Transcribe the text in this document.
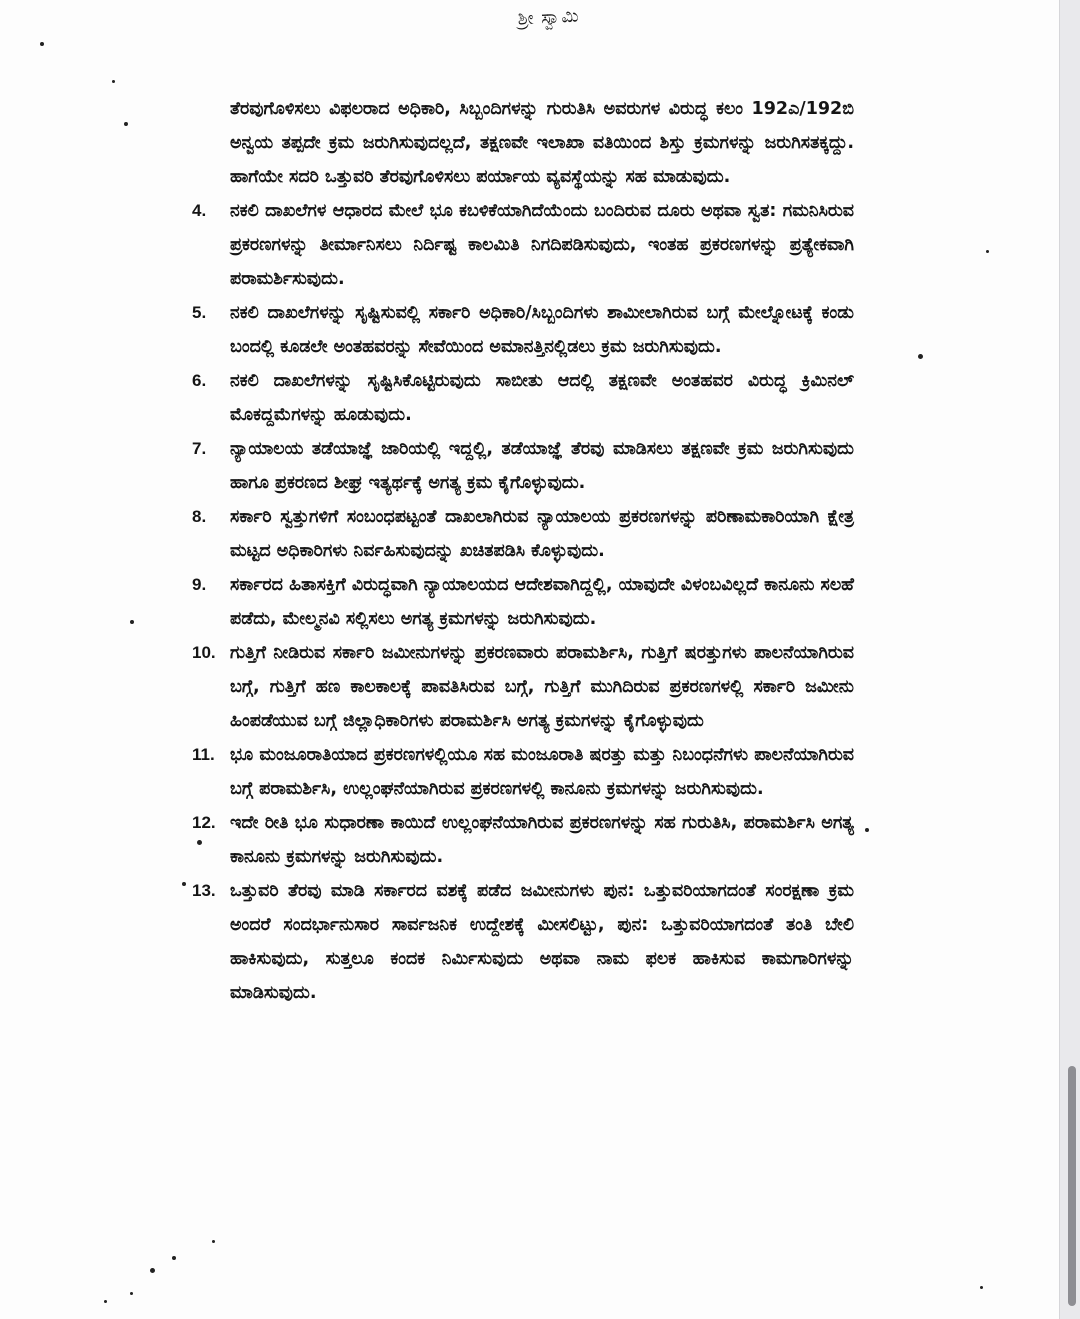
ಶ್ರೀ ಸ್ವಾಮಿ
ತೆರವುಗೊಳಿಸಲು ವಿಫಲರಾದ ಅಧಿಕಾರಿ, ಸಿಬ್ಬಂದಿಗಳನ್ನು ಗುರುತಿಸಿ ಅವರುಗಳ ವಿರುದ್ಧ ಕಲಂ 192ಎ/192ಬಿ ಅನ್ವಯ ತಪ್ಪದೇ ಕ್ರಮ ಜರುಗಿಸುವುದಲ್ಲದೆ, ತಕ್ಷಣವೇ ಇಲಾಖಾ ವತಿಯಿಂದ ಶಿಸ್ತು ಕ್ರಮಗಳನ್ನು ಜರುಗಿಸತಕ್ಕದ್ದು. ಹಾಗೆಯೇ ಸದರಿ ಒತ್ತುವರಿ ತೆರವುಗೊಳಿಸಲು ಪರ್ಯಾಯ ವ್ಯವಸ್ಥೆಯನ್ನು ಸಹ ಮಾಡುವುದು.
4.	ನಕಲಿ ದಾಖಲೆಗಳ ಆಧಾರದ ಮೇಲೆ ಭೂ ಕಬಳಿಕೆಯಾಗಿದೆಯೆಂದು ಬಂದಿರುವ ದೂರು ಅಥವಾ ಸ್ವತ: ಗಮನಿಸಿರುವ ಪ್ರಕರಣಗಳನ್ನು ತೀರ್ಮಾನಿಸಲು ನಿರ್ದಿಷ್ಟ ಕಾಲಮಿತಿ ನಿಗದಿಪಡಿಸುವುದು, ಇಂತಹ ಪ್ರಕರಣಗಳನ್ನು ಪ್ರತ್ಯೇಕವಾಗಿ ಪರಾಮರ್ಶಿಸುವುದು.
5.	ನಕಲಿ ದಾಖಲೆಗಳನ್ನು ಸೃಷ್ಟಿಸುವಲ್ಲಿ ಸರ್ಕಾರಿ ಅಧಿಕಾರಿ/ಸಿಬ್ಬಂದಿಗಳು ಶಾಮೀಲಾಗಿರುವ ಬಗ್ಗೆ ಮೇಲ್ನೋಟಕ್ಕೆ ಕಂಡು ಬಂದಲ್ಲಿ ಕೂಡಲೇ ಅಂತಹವರನ್ನು ಸೇವೆಯಿಂದ ಅಮಾನತ್ತಿನಲ್ಲಿಡಲು ಕ್ರಮ ಜರುಗಿಸುವುದು.
6.	ನಕಲಿ ದಾಖಲೆಗಳನ್ನು ಸೃಷ್ಟಿಸಿಕೊಟ್ಟಿರುವುದು ಸಾಬೀತು ಆದಲ್ಲಿ ತಕ್ಷಣವೇ ಅಂತಹವರ ವಿರುದ್ಧ ಕ್ರಿಮಿನಲ್ ಮೊಕದ್ದಮೆಗಳನ್ನು ಹೂಡುವುದು.
7.	ನ್ಯಾಯಾಲಯ ತಡೆಯಾಜ್ಞೆ ಜಾರಿಯಲ್ಲಿ ಇದ್ದಲ್ಲಿ, ತಡೆಯಾಜ್ಞೆ ತೆರವು ಮಾಡಿಸಲು ತಕ್ಷಣವೇ ಕ್ರಮ ಜರುಗಿಸುವುದು ಹಾಗೂ ಪ್ರಕರಣದ ಶೀಘ್ರ ಇತ್ಯರ್ಥಕ್ಕೆ ಅಗತ್ಯ ಕ್ರಮ ಕೈಗೊಳ್ಳುವುದು.
8.	ಸರ್ಕಾರಿ ಸ್ವತ್ತುಗಳಿಗೆ ಸಂಬಂಧಪಟ್ಟಂತೆ ದಾಖಲಾಗಿರುವ ನ್ಯಾಯಾಲಯ ಪ್ರಕರಣಗಳನ್ನು ಪರಿಣಾಮಕಾರಿಯಾಗಿ ಕ್ಷೇತ್ರ ಮಟ್ಟದ ಅಧಿಕಾರಿಗಳು ನಿರ್ವಹಿಸುವುದನ್ನು ಖಚಿತಪಡಿಸಿ ಕೊಳ್ಳುವುದು.
9.	ಸರ್ಕಾರದ ಹಿತಾಸಕ್ತಿಗೆ ವಿರುದ್ಧವಾಗಿ ನ್ಯಾಯಾಲಯದ ಆದೇಶವಾಗಿದ್ದಲ್ಲಿ, ಯಾವುದೇ ವಿಳಂಬವಿಲ್ಲದೆ ಕಾನೂನು ಸಲಹೆ ಪಡೆದು, ಮೇಲ್ಮನವಿ ಸಲ್ಲಿಸಲು ಅಗತ್ಯ ಕ್ರಮಗಳನ್ನು ಜರುಗಿಸುವುದು.
10. ಗುತ್ತಿಗೆ ನೀಡಿರುವ ಸರ್ಕಾರಿ ಜಮೀನುಗಳನ್ನು ಪ್ರಕರಣವಾರು ಪರಾಮರ್ಶಿಸಿ, ಗುತ್ತಿಗೆ ಷರತ್ತುಗಳು ಪಾಲನೆಯಾಗಿರುವ ಬಗ್ಗೆ, ಗುತ್ತಿಗೆ ಹಣ ಕಾಲಕಾಲಕ್ಕೆ ಪಾವತಿಸಿರುವ ಬಗ್ಗೆ, ಗುತ್ತಿಗೆ ಮುಗಿದಿರುವ ಪ್ರಕರಣಗಳಲ್ಲಿ ಸರ್ಕಾರಿ ಜಮೀನು ಹಿಂಪಡೆಯುವ ಬಗ್ಗೆ ಜಿಲ್ಲಾಧಿಕಾರಿಗಳು ಪರಾಮರ್ಶಿಸಿ ಅಗತ್ಯ ಕ್ರಮಗಳನ್ನು ಕೈಗೊಳ್ಳುವುದು
11. ಭೂ ಮಂಜೂರಾತಿಯಾದ ಪ್ರಕರಣಗಳಲ್ಲಿಯೂ ಸಹ ಮಂಜೂರಾತಿ ಷರತ್ತು ಮತ್ತು ನಿಬಂಧನೆಗಳು ಪಾಲನೆಯಾಗಿರುವ ಬಗ್ಗೆ ಪರಾಮರ್ಶಿಸಿ, ಉಲ್ಲಂಘನೆಯಾಗಿರುವ ಪ್ರಕರಣಗಳಲ್ಲಿ ಕಾನೂನು ಕ್ರಮಗಳನ್ನು ಜರುಗಿಸುವುದು.
12. ಇದೇ ರೀತಿ ಭೂ ಸುಧಾರಣಾ ಕಾಯಿದೆ ಉಲ್ಲಂಘನೆಯಾಗಿರುವ ಪ್ರಕರಣಗಳನ್ನು ಸಹ ಗುರುತಿಸಿ, ಪರಾಮರ್ಶಿಸಿ ಅಗತ್ಯ ಕಾನೂನು ಕ್ರಮಗಳನ್ನು ಜರುಗಿಸುವುದು.
13. ಒತ್ತುವರಿ ತೆರವು ಮಾಡಿ ಸರ್ಕಾರದ ವಶಕ್ಕೆ ಪಡೆದ ಜಮೀನುಗಳು ಪುನ: ಒತ್ತುವರಿಯಾಗದಂತೆ ಸಂರಕ್ಷಣಾ ಕ್ರಮ ಅಂದರೆ ಸಂದರ್ಭಾನುಸಾರ ಸಾರ್ವಜನಿಕ ಉದ್ದೇಶಕ್ಕೆ ಮೀಸಲಿಟ್ಟು, ಪುನ: ಒತ್ತುವರಿಯಾಗದಂತೆ ತಂತಿ ಬೇಲಿ ಹಾಕಿಸುವುದು, ಸುತ್ತಲೂ ಕಂದಕ ನಿರ್ಮಿಸುವುದು ಅಥವಾ ನಾಮ ಫಲಕ ಹಾಕಿಸುವ ಕಾಮಗಾರಿಗಳನ್ನು ಮಾಡಿಸುವುದು.
